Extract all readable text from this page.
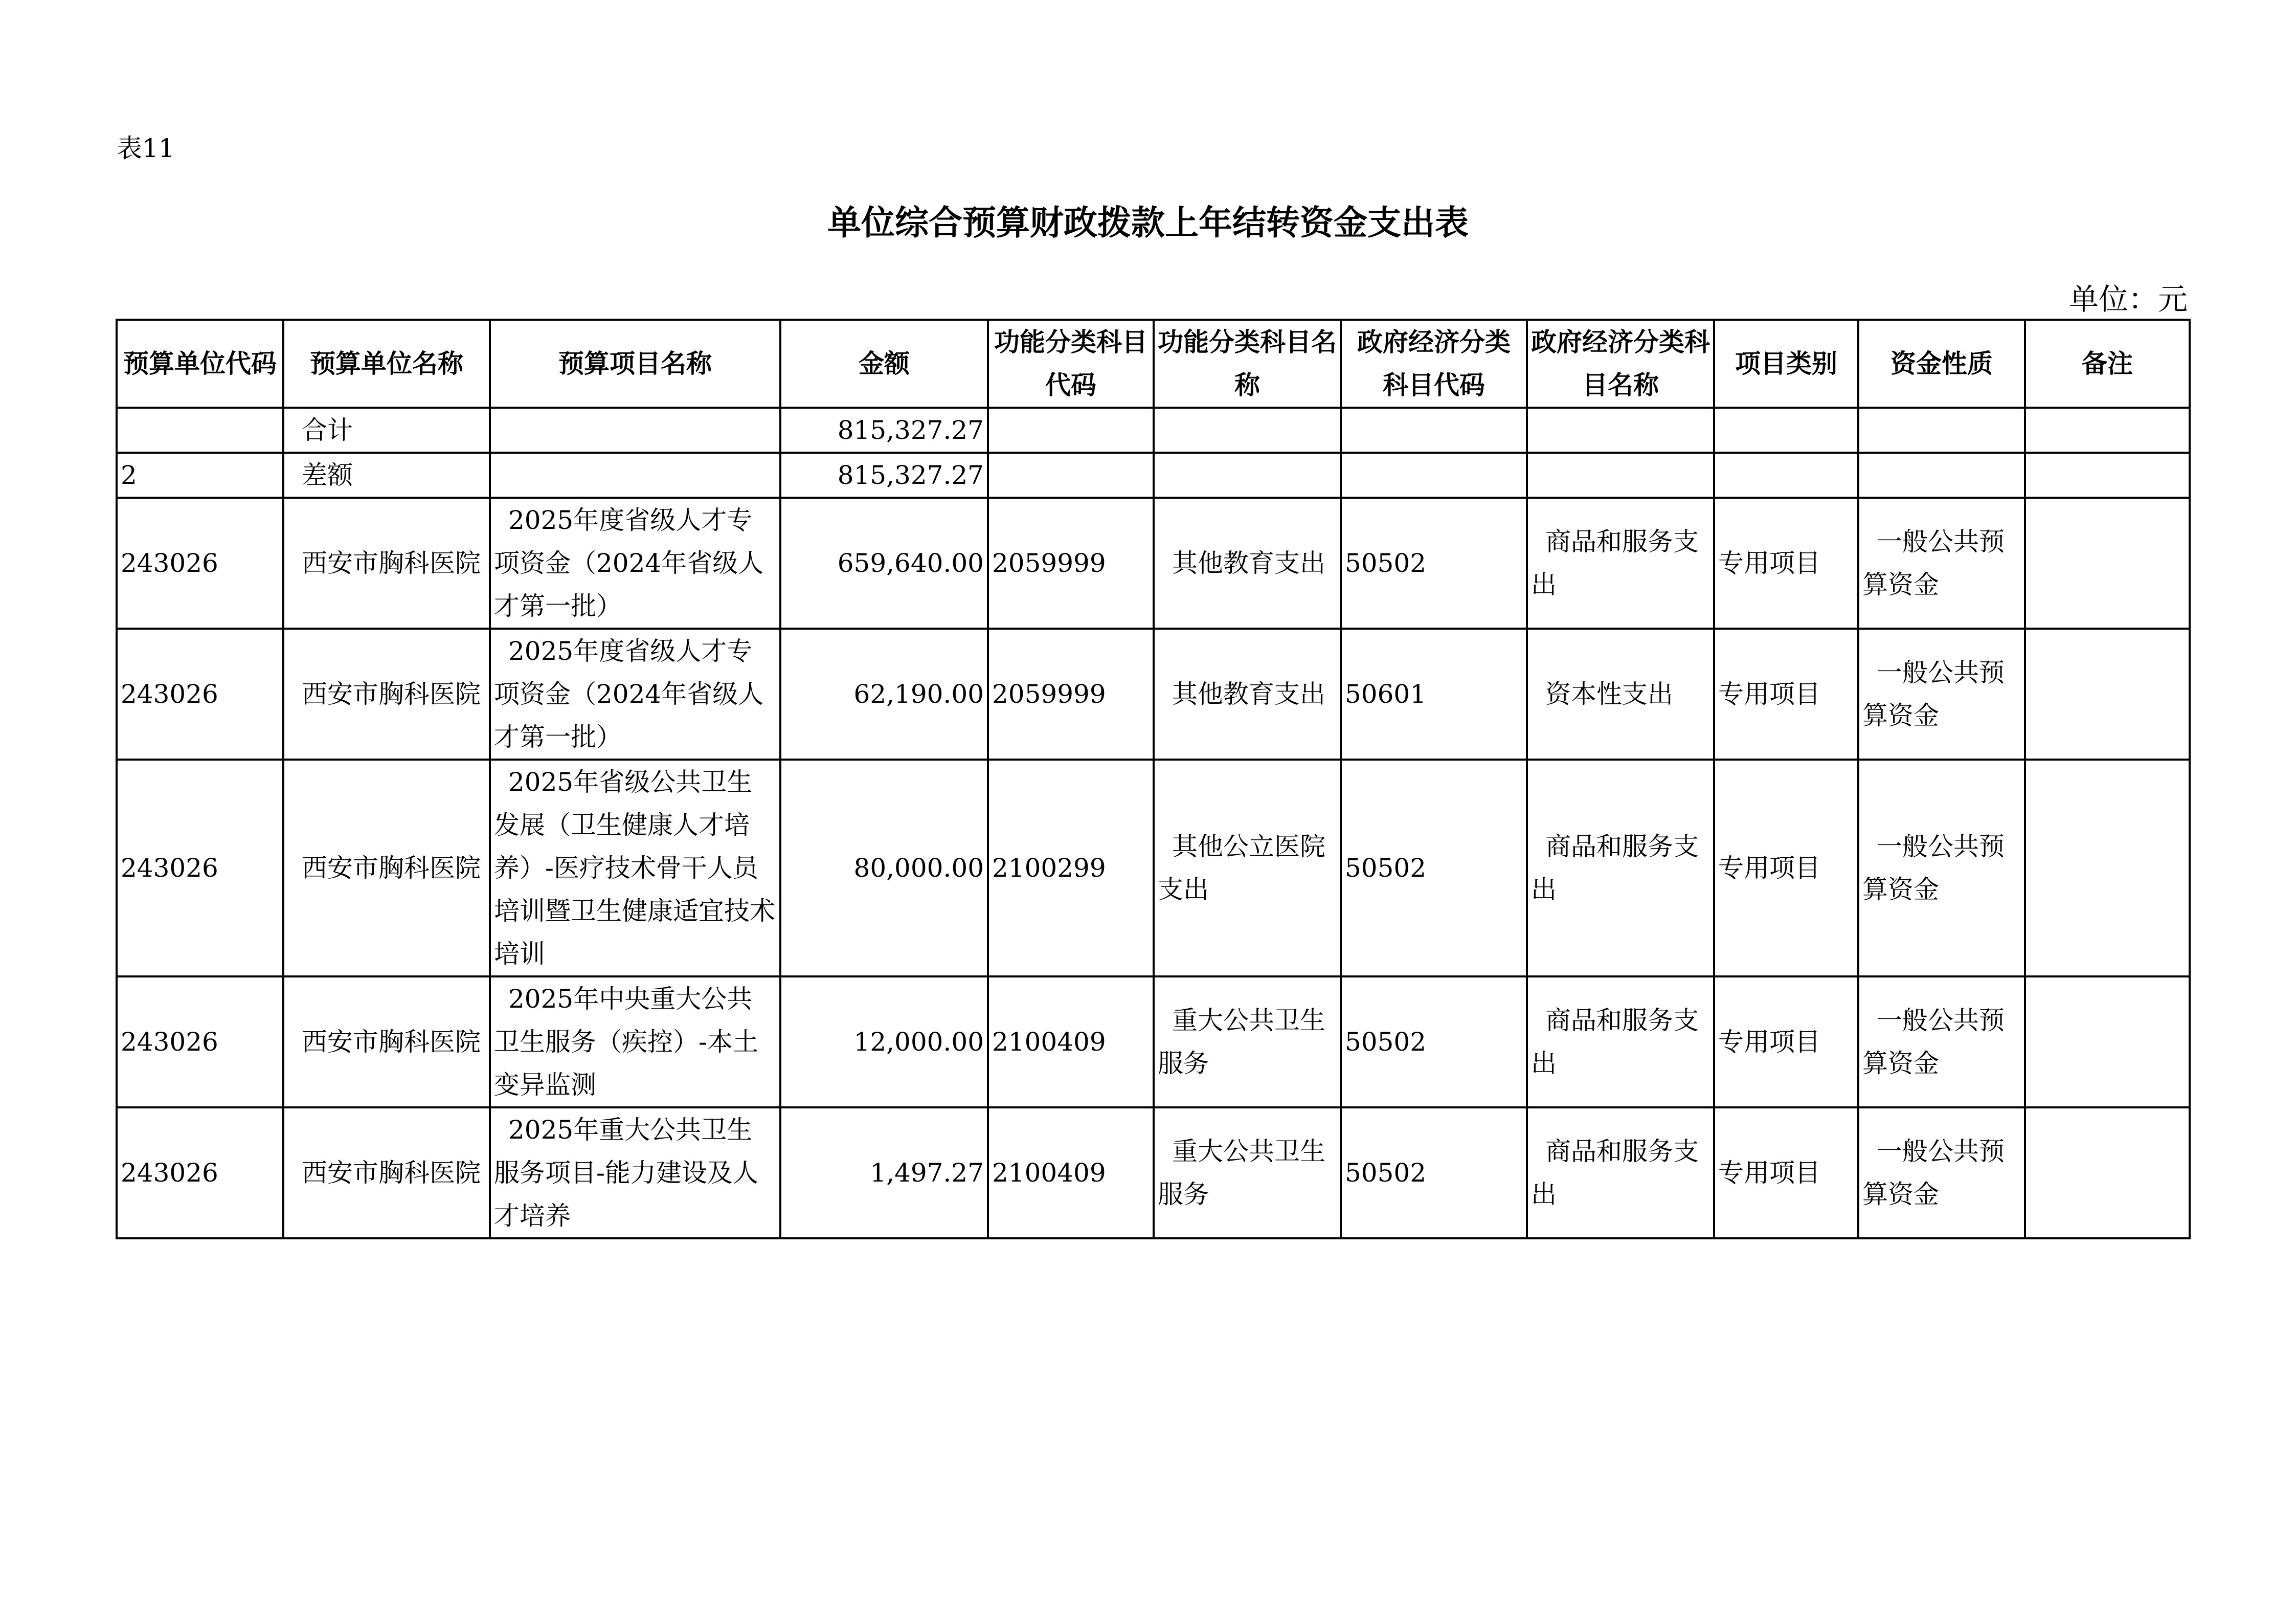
表11
单位综合预算财政拨款上年结转资金支出表
单位：元
预算单位代码	预算单位名称	预算项目名称	金额	功能分类科目代码	功能分类科目名称	政府经济分类科目代码	政府经济分类科目名称	项目类别	资金性质	备注
	合计		815,327.27							
2	差额		815,327.27							
243026	西安市胸科医院	2025年度省级人才专项资金（2024年省级人才第一批）	659,640.00	2059999	其他教育支出	50502	商品和服务支出	专用项目	一般公共预算资金	
243026	西安市胸科医院	2025年度省级人才专项资金（2024年省级人才第一批）	62,190.00	2059999	其他教育支出	50601	资本性支出	专用项目	一般公共预算资金	
243026	西安市胸科医院	2025年省级公共卫生发展（卫生健康人才培养）-医疗技术骨干人员培训暨卫生健康适宜技术培训	80,000.00	2100299	其他公立医院支出	50502	商品和服务支出	专用项目	一般公共预算资金	
243026	西安市胸科医院	2025年中央重大公共卫生服务（疾控）-本土变异监测	12,000.00	2100409	重大公共卫生服务	50502	商品和服务支出	专用项目	一般公共预算资金	
243026	西安市胸科医院	2025年重大公共卫生服务项目-能力建设及人才培养	1,497.27	2100409	重大公共卫生服务	50502	商品和服务支出	专用项目	一般公共预算资金	
